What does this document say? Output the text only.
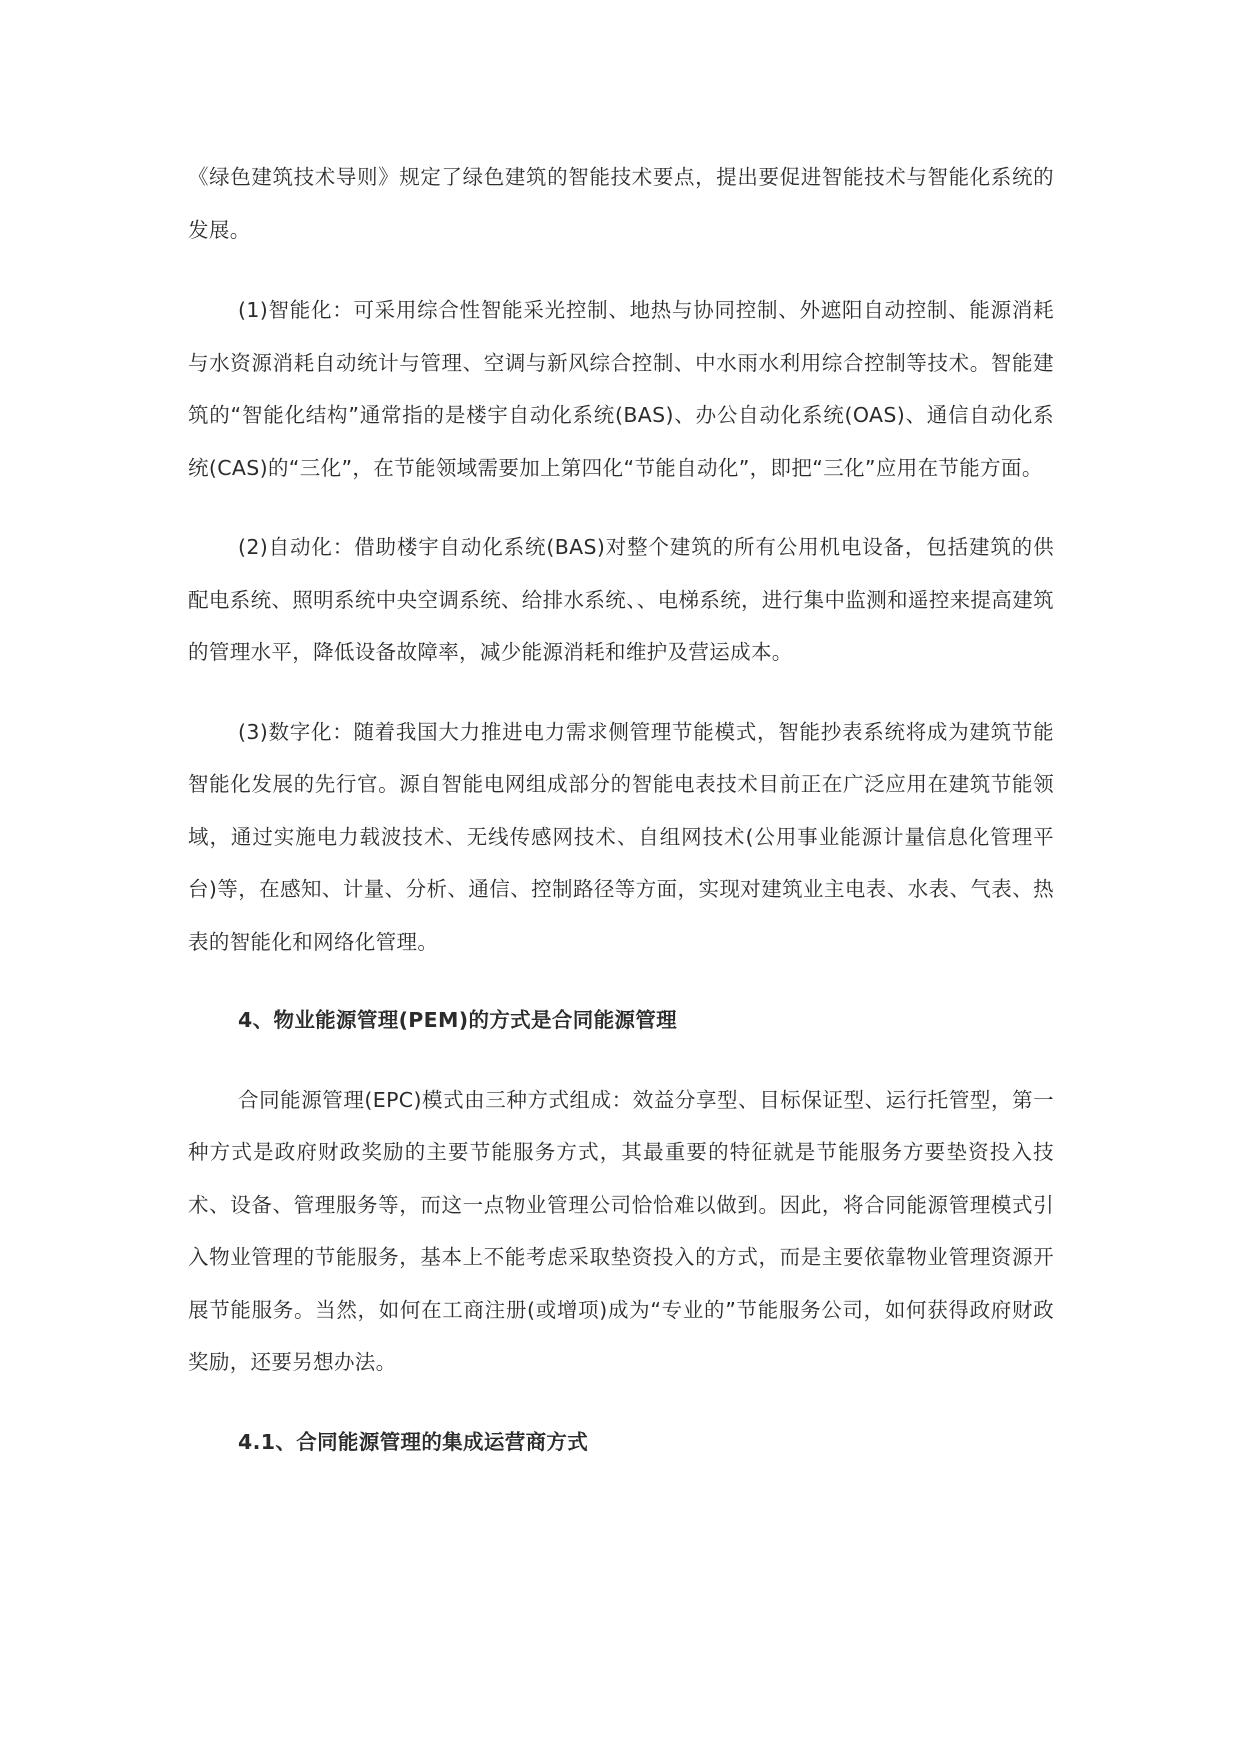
《绿色建筑技术导则》规定了绿色建筑的智能技术要点，提出要促进智能技术与智能化系统的发展。

(1)智能化：可采用综合性智能采光控制、地热与协同控制、外遮阳自动控制、能源消耗与水资源消耗自动统计与管理、空调与新风综合控制、中水雨水利用综合控制等技术。智能建筑的“智能化结构”通常指的是楼宇自动化系统(BAS)、办公自动化系统(OAS)、通信自动化系统(CAS)的“三化”，在节能领域需要加上第四化“节能自动化”，即把“三化”应用在节能方面。

(2)自动化：借助楼宇自动化系统(BAS)对整个建筑的所有公用机电设备，包括建筑的供配电系统、照明系统中央空调系统、给排水系统、、电梯系统，进行集中监测和遥控来提高建筑的管理水平，降低设备故障率，减少能源消耗和维护及营运成本。

(3)数字化：随着我国大力推进电力需求侧管理节能模式，智能抄表系统将成为建筑节能智能化发展的先行官。源自智能电网组成部分的智能电表技术目前正在广泛应用在建筑节能领域，通过实施电力载波技术、无线传感网技术、自组网技术(公用事业能源计量信息化管理平台)等，在感知、计量、分析、通信、控制路径等方面，实现对建筑业主电表、水表、气表、热表的智能化和网络化管理。

4、物业能源管理(PEM)的方式是合同能源管理

合同能源管理(EPC)模式由三种方式组成：效益分享型、目标保证型、运行托管型，第一种方式是政府财政奖励的主要节能服务方式，其最重要的特征就是节能服务方要垫资投入技术、设备、管理服务等，而这一点物业管理公司恰恰难以做到。因此，将合同能源管理模式引入物业管理的节能服务，基本上不能考虑采取垫资投入的方式，而是主要依靠物业管理资源开展节能服务。当然，如何在工商注册(或增项)成为“专业的”节能服务公司，如何获得政府财政奖励，还要另想办法。

4.1、合同能源管理的集成运营商方式
